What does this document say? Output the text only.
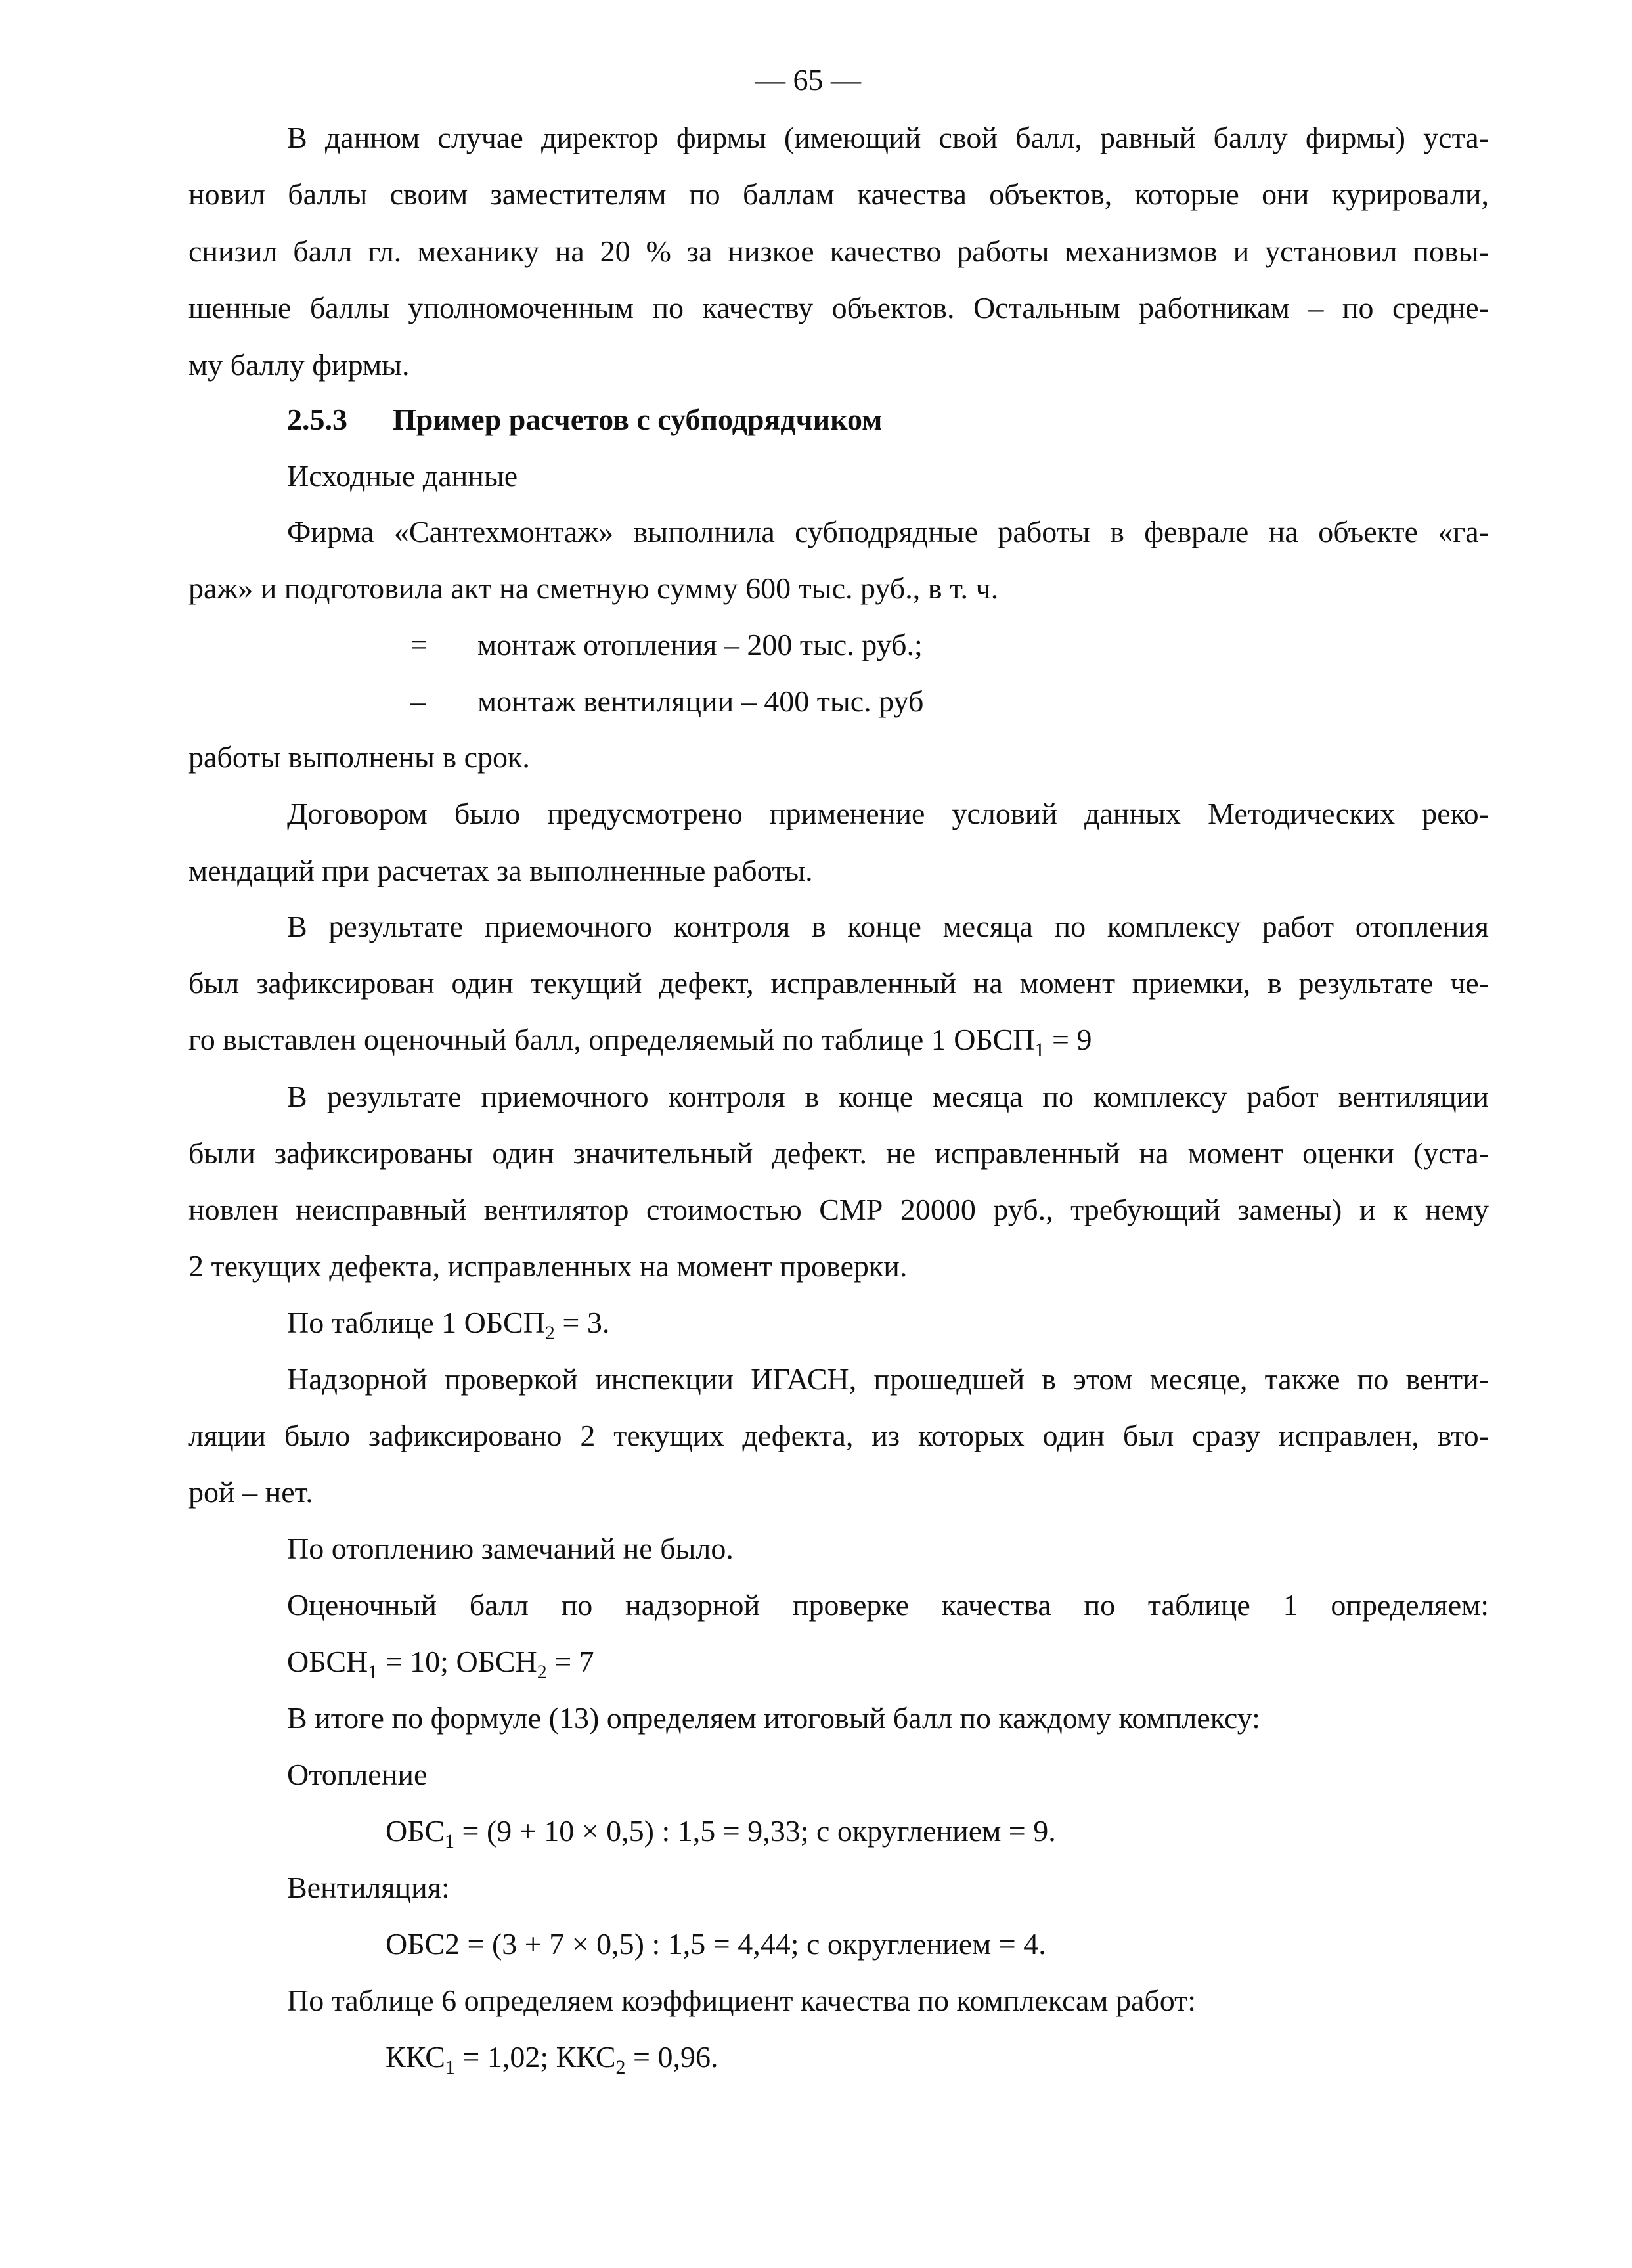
— 65 —
В данном случае директор фирмы (имеющий свой балл, равный баллу фирмы) уста-
новил баллы своим заместителям по баллам качества объектов, которые они курировали,
снизил балл гл. механику на 20 % за низкое качество работы механизмов и установил повы-
шенные баллы уполномоченным по качеству объектов. Остальным работникам – по средне-
му баллу фирмы.
2.5.3 Пример расчетов с субподрядчиком
Исходные данные
Фирма «Сантехмонтаж» выполнила субподрядные работы в феврале на объекте «га-
раж» и подготовила акт на сметную сумму 600 тыс. руб., в т. ч.
= монтаж отопления – 200 тыс. руб.;
– монтаж вентиляции – 400 тыс. руб
работы выполнены в срок.
Договором было предусмотрено применение условий данных Методических реко-
мендаций при расчетах за выполненные работы.
В результате приемочного контроля в конце месяца по комплексу работ отопления
был зафиксирован один текущий дефект, исправленный на момент приемки, в результате че-
го выставлен оценочный балл, определяемый по таблице 1 $ОБСП_1 = 9$
В результате приемочного контроля в конце месяца по комплексу работ вентиляции
были зафиксированы один значительный дефект. не исправленный на момент оценки (уста-
новлен неисправный вентилятор стоимостью СМР 20000 руб., требующий замены) и к нему
2 текущих дефекта, исправленных на момент проверки.
По таблице 1 $ОБСП_2 = 3$.
Надзорной проверкой инспекции ИГАСН, прошедшей в этом месяце, также по венти-
ляции было зафиксировано 2 текущих дефекта, из которых один был сразу исправлен, вто-
рой – нет.
По отоплению замечаний не было.
Оценочный балл по надзорной проверке качества по таблице 1 определяем:
$ОБСН_1 = 10$; $ОБСН_2 = 7$
В итоге по формуле (13) определяем итоговый балл по каждому комплексу:
Отопление
$ОБС_1 = (9 + 10 \times 0,5)$ : 1,5 = 9,33; с округлением = 9.
Вентиляция:
ОБС2 = (3 + 7 × 0,5) : 1,5 = 4,44; с округлением = 4.
По таблице 6 определяем коэффициент качества по комплексам работ:
$ККС_1 = 1,02$; $ККС_2 = 0,96$.
